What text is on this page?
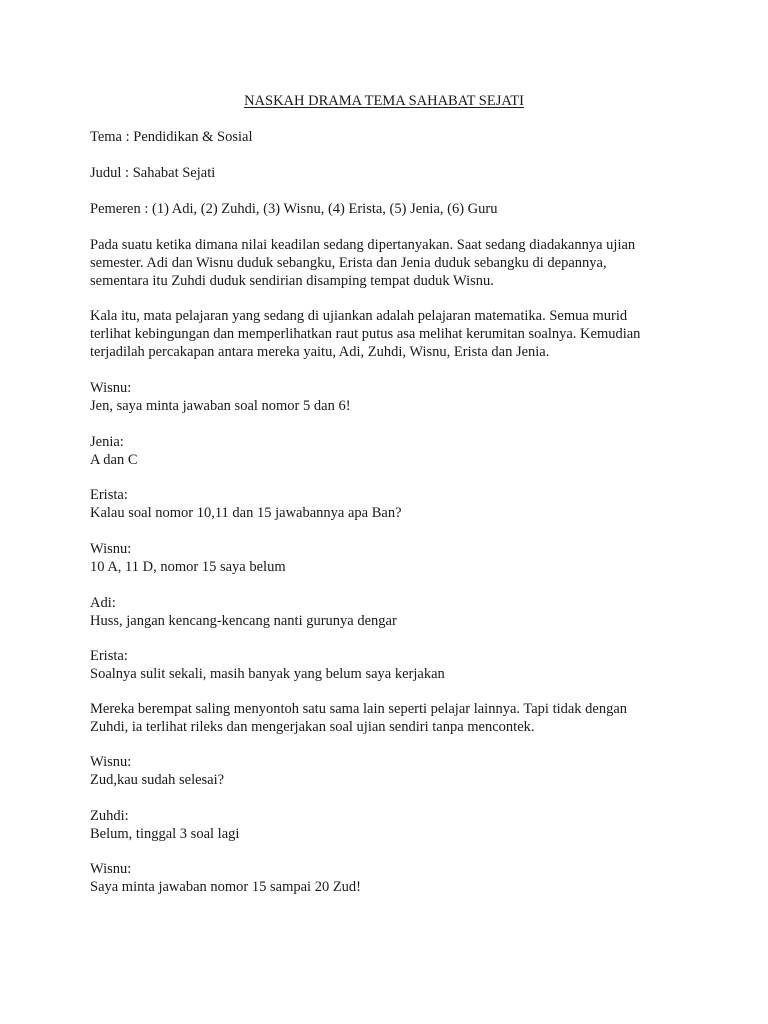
NASKAH DRAMA TEMA SAHABAT SEJATI
Tema : Pendidikan & Sosial
Judul : Sahabat Sejati
Pemeren : (1) Adi, (2) Zuhdi, (3) Wisnu, (4) Erista, (5) Jenia, (6) Guru
Pada suatu ketika dimana nilai keadilan sedang dipertanyakan. Saat sedang diadakannya ujian
semester. Adi dan Wisnu duduk sebangku, Erista dan Jenia duduk sebangku di depannya,
sementara itu Zuhdi duduk sendirian disamping tempat duduk Wisnu.
Kala itu, mata pelajaran yang sedang di ujiankan adalah pelajaran matematika. Semua murid
terlihat kebingungan dan memperlihatkan raut putus asa melihat kerumitan soalnya. Kemudian
terjadilah percakapan antara mereka yaitu, Adi, Zuhdi, Wisnu, Erista dan Jenia.
Wisnu:
Jen, saya minta jawaban soal nomor 5 dan 6!
Jenia:
A dan C
Erista:
Kalau soal nomor 10,11 dan 15 jawabannya apa Ban?
Wisnu:
10 A, 11 D, nomor 15 saya belum
Adi:
Huss, jangan kencang-kencang nanti gurunya dengar
Erista:
Soalnya sulit sekali, masih banyak yang belum saya kerjakan
Mereka berempat saling menyontoh satu sama lain seperti pelajar lainnya. Tapi tidak dengan
Zuhdi, ia terlihat rileks dan mengerjakan soal ujian sendiri tanpa mencontek.
Wisnu:
Zud,kau sudah selesai?
Zuhdi:
Belum, tinggal 3 soal lagi
Wisnu:
Saya minta jawaban nomor 15 sampai 20 Zud!
